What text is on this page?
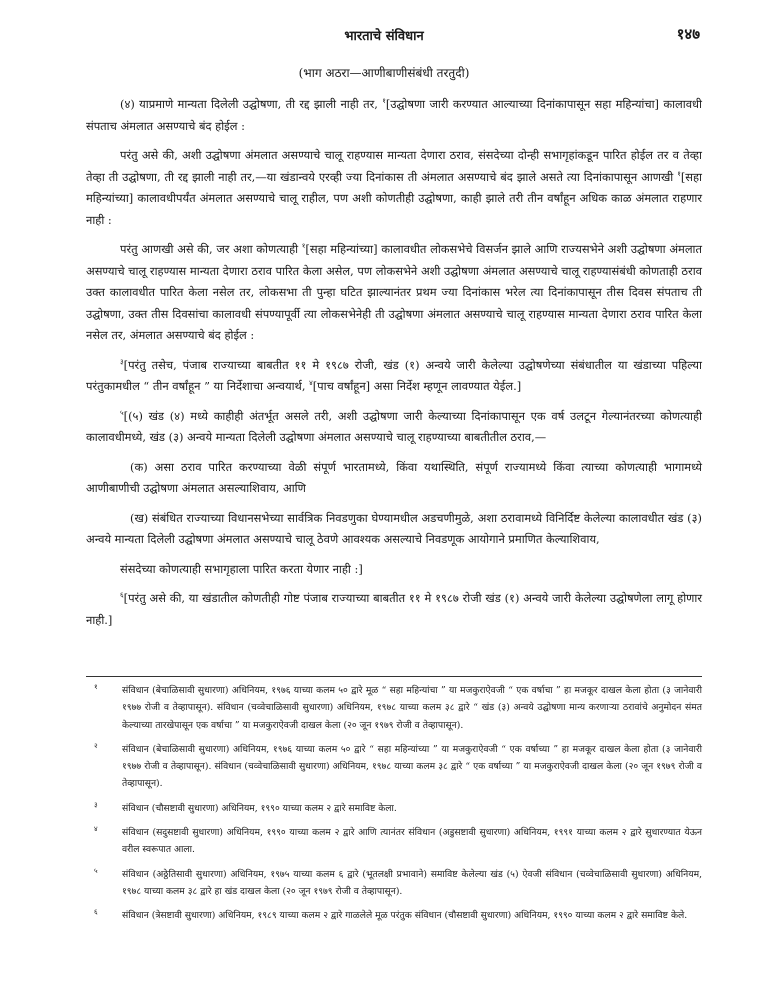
भारताचे संविधान	१४७
(भाग अठरा—आणीबाणीसंबंधी तरतुदी)

(४) याप्रमाणे मान्यता दिलेली उद्घोषणा, ती रद्द झाली नाही तर, $^१$[उद्घोषणा जारी करण्यात आल्याच्या दिनांकापासून सहा महिन्यांचा] कालावधी संपताच अंमलात असण्याचे बंद होईल :

परंतु असे की, अशी उद्घोषणा अंमलात असण्याचे चालू राहण्यास मान्यता देणारा ठराव, संसदेच्या दोन्ही सभागृहांकडून पारित होईल तर व तेव्हा तेव्हा ती उद्घोषणा, ती रद्द झाली नाही तर,—या खंडान्वये एरव्ही ज्या दिनांकास ती अंमलात असण्याचे बंद झाले असते त्या दिनांकापासून आणखी $^१$[सहा महिन्यांच्या] कालावधीपर्यंत अंमलात असण्याचे चालू राहील, पण अशी कोणतीही उद्घोषणा, काही झाले तरी तीन वर्षांहून अधिक काळ अंमलात राहणार नाही :

परंतु आणखी असे की, जर अशा कोणत्याही $^१$[सहा महिन्यांच्या] कालावधीत लोकसभेचे विसर्जन झाले आणि राज्यसभेने अशी उद्घोषणा अंमलात असण्याचे चालू राहण्यास मान्यता देणारा ठराव पारित केला असेल, पण लोकसभेने अशी उद्घोषणा अंमलात असण्याचे चालू राहण्यासंबंधी कोणताही ठराव उक्त कालावधीत पारित केला नसेल तर, लोकसभा ती पुन्हा घटित झाल्यानंतर प्रथम ज्या दिनांकास भरेल त्या दिनांकापासून तीस दिवस संपताच ती उद्घोषणा, उक्त तीस दिवसांचा कालावधी संपण्यापूर्वी त्या लोकसभेनेही ती उद्घोषणा अंमलात असण्याचे चालू राहण्यास मान्यता देणारा ठराव पारित केला नसेल तर, अंमलात असण्याचे बंद होईल :

$^३$[परंतु तसेच, पंजाब राज्याच्या बाबतीत ११ मे १९८७ रोजी, खंड (१) अन्वये जारी केलेल्या उद्घोषणेच्या संबंधातील या खंडाच्या पहिल्या परंतुकामधील “ तीन वर्षांहून ” या निर्देशाचा अन्वयार्थ, $^४$[पाच वर्षांहून] असा निर्देश म्हणून लावण्यात येईल.]

$^५$[(५) खंड (४) मध्ये काहीही अंतर्भूत असले तरी, अशी उद्घोषणा जारी केल्याच्या दिनांकापासून एक वर्ष उलटून गेल्यानंतरच्या कोणत्याही कालावधीमध्ये, खंड (३) अन्वये मान्यता दिलेली उद्घोषणा अंमलात असण्याचे चालू राहण्याच्या बाबतीतील ठराव,—

(क) असा ठराव पारित करण्याच्या वेळी संपूर्ण भारतामध्ये, किंवा यथास्थिति, संपूर्ण राज्यामध्ये किंवा त्याच्या कोणत्याही भागामध्ये आणीबाणीची उद्घोषणा अंमलात असल्याशिवाय, आणि

(ख) संबंधित राज्याच्या विधानसभेच्या सार्वत्रिक निवडणुका घेण्यामधील अडचणीमुळे, अशा ठरावामध्ये विनिर्दिष्ट केलेल्या कालावधीत खंड (३) अन्वये मान्यता दिलेली उद्घोषणा अंमलात असण्याचे चालू ठेवणे आवश्यक असल्याचे निवडणूक आयोगाने प्रमाणित केल्याशिवाय,

संसदेच्या कोणत्याही सभागृहाला पारित करता येणार नाही :]

$^६$[परंतु असे की, या खंडातील कोणतीही गोष्ट पंजाब राज्याच्या बाबतीत ११ मे १९८७ रोजी खंड (१) अन्वये जारी केलेल्या उद्घोषणेला लागू होणार नाही.]

१	संविधान (बेचाळिसावी सुधारणा) अधिनियम, १९७६ याच्या कलम ५० द्वारे मूळ “ सहा महिन्यांचा ” या मजकुराऐवजी “ एक वर्षाचा ” हा मजकूर दाखल केला होता (३ जानेवारी १९७७ रोजी व तेव्हापासून). संविधान (चव्वेचाळिसावी सुधारणा) अधिनियम, १९७८ याच्या कलम ३८ द्वारे “ खंड (३) अन्वये उद्घोषणा मान्य करणाऱ्या ठरावांचे अनुमोदन संमत केल्याच्या तारखेपासून एक वर्षाचा ” या मजकुराऐवजी दाखल केला (२० जून १९७९ रोजी व तेव्हापासून).
२	संविधान (बेचाळिसावी सुधारणा) अधिनियम, १९७६ याच्या कलम ५० द्वारे “ सहा महिन्यांच्या ” या मजकुराऐवजी “ एक वर्षाच्या ” हा मजकूर दाखल केला होता (३ जानेवारी १९७७ रोजी व तेव्हापासून). संविधान (चव्वेचाळिसावी सुधारणा) अधिनियम, १९७८ याच्या कलम ३८ द्वारे “ एक वर्षाच्या ” या मजकुराऐवजी दाखल केला (२० जून १९७९ रोजी व तेव्हापासून).
३	संविधान (चौसष्टावी सुधारणा) अधिनियम, १९९० याच्या कलम २ द्वारे समाविष्ट केला.
४	संविधान (सदुसष्टावी सुधारणा) अधिनियम, १९९० याच्या कलम २ द्वारे आणि त्यानंतर संविधान (अडुसष्टावी सुधारणा) अधिनियम, १९९१ याच्या कलम २ द्वारे सुधारण्यात येऊन वरील स्वरूपात आला.
५	संविधान (अठ्ठेतिसावी सुधारणा) अधिनियम, १९७५ याच्या कलम ६ द्वारे (भूतलक्षी प्रभावाने) समाविष्ट केलेल्या खंड (५) ऐवजी संविधान (चव्वेचाळिसावी सुधारणा) अधिनियम, १९७८ याच्या कलम ३८ द्वारे हा खंड दाखल केला (२० जून १९७९ रोजी व तेव्हापासून).
६	संविधान (त्रेसष्टावी सुधारणा) अधिनियम, १९८९ याच्या कलम २ द्वारे गाळलेले मूळ परंतुक संविधान (चौसष्टावी सुधारणा) अधिनियम, १९९० याच्या कलम २ द्वारे समाविष्ट केले.
